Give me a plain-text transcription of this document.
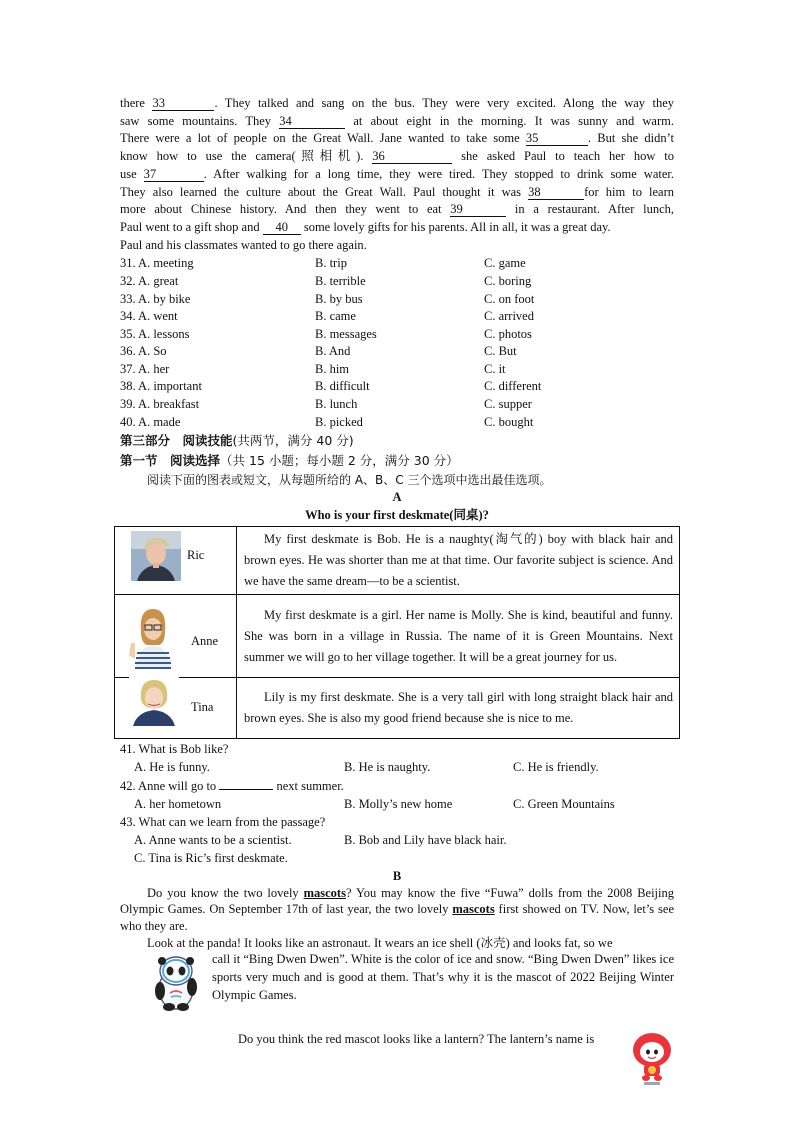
there 33	. They talked and sang on the bus. They were very excited. Along the way they

saw some mountains. They 34	at about eight in the morning. It was sunny and warm.

There were a lot of people on the Great Wall. Jane wanted to take some 35	. But she didn’t

know how to use the camera(照相机). 36	she asked Paul to teach her how to

use 37	. After walking for a long time, they were tired. They stopped to drink some water.

They also learned the culture about the Great Wall. Paul thought it was 38	for him to learn

more about Chinese history. And then they went to eat 39	in a restaurant. After lunch,

Paul went to a gift shop and 40 some lovely gifts for his parents. All in all, it was a great day.

Paul and his classmates wanted to go there again.

31. A. meeting	B. trip	C. game
32. A. great	B. terrible	C. boring
33. A. by bike	B. by bus	C. on foot
34. A. went	B. came	C. arrived
35. A. lessons	B. messages	C. photos
36. A. So	B. And	C. But
37. A. her	B. him	C. it
38. A. important	B. difficult	C. different
39. A. breakfast	B. lunch	C. supper
40. A. made	B. picked	C. bought
第三部分　阅读技能(共两节，满分 40 分)
第一节　阅读选择（共 15 小题；每小题 2 分，满分 30 分）
阅读下面的图表或短文，从每题所给的 A、B、C 三个选项中选出最佳选项。
A
Who is your first deskmate(同桌)?
Ric	My first deskmate is Bob. He is a naughty(淘气的) boy with black hair and brown eyes. He was shorter than me at that time. Our favorite subject is science. And we have the same dream—to be a scientist.

Anne	My first deskmate is a girl. Her name is Molly. She is kind, beautiful and funny. She was born in a village in Russia. The name of it is Green Mountains. Next summer we will go to her village together. It will be a great journey for us.

Tina	Lily is my first deskmate. She is a very tall girl with long straight black hair and brown eyes. She is also my good friend because she is nice to me.
41. What is Bob like?
A. He is funny.	B. He is naughty.	C. He is friendly.
42. Anne will go to	next summer.
A. her hometown	B. Molly’s new home	C. Green Mountains
43. What can we learn from the passage?
A. Anne wants to be a scientist.	B. Bob and Lily have black hair.
C. Tina is Ric’s first deskmate.
B
Do you know the two lovely mascots? You may know the five “Fuwa” dolls from the 2008 Beijing Olympic Games. On September 17th of last year, the two lovely mascots first showed on TV. Now, let’s see who they are.
Look at the panda! It looks like an astronaut. It wears an ice shell (冰壳) and looks fat, so we
call it “Bing Dwen Dwen”. White is the color of ice and snow. “Bing Dwen Dwen” likes ice sports very much and is good at them. That’s why it is the mascot of 2022 Beijing Winter Olympic Games.
Do you think the red mascot looks like a lantern? The lantern’s name is
